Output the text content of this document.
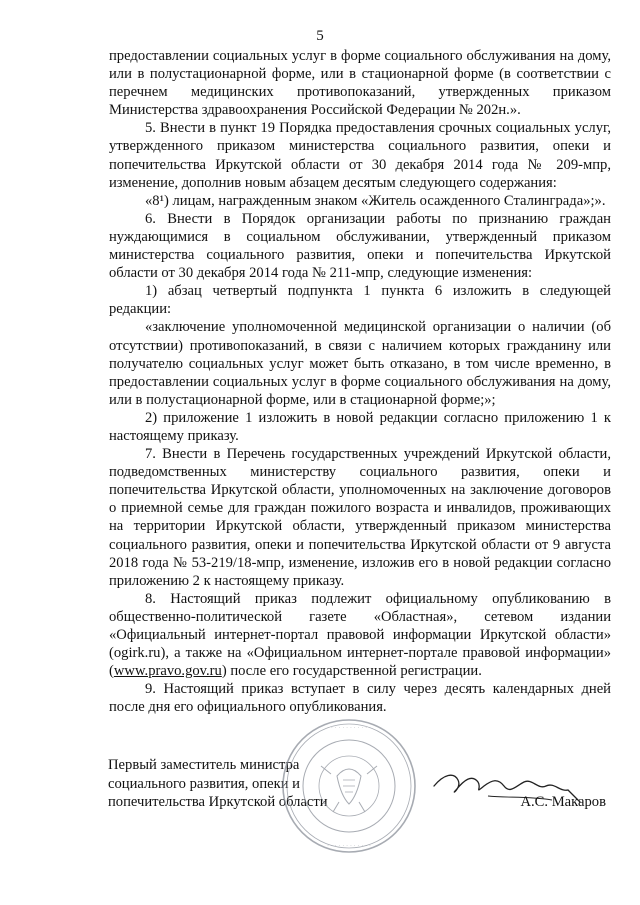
5

предоставлении социальных услуг в форме социального обслуживания на дому, или в полустационарной форме, или в стационарной форме (в соответствии с перечнем медицинских противопоказаний, утвержденных приказом Министерства здравоохранения Российской Федерации № 202н.».

5. Внести в пункт 19 Порядка предоставления срочных социальных услуг, утвержденного приказом министерства социального развития, опеки и попечительства Иркутской области от 30 декабря 2014 года № 209-мпр, изменение, дополнив новым абзацем десятым следующего содержания:

«8¹) лицам, награжденным знаком «Житель осажденного Сталинграда»;».

6. Внести в Порядок организации работы по признанию граждан нуждающимися в социальном обслуживании, утвержденный приказом министерства социального развития, опеки и попечительства Иркутской области от 30 декабря 2014 года № 211-мпр, следующие изменения:

1) абзац четвертый подпункта 1 пункта 6 изложить в следующей редакции:

«заключение уполномоченной медицинской организации о наличии (об отсутствии) противопоказаний, в связи с наличием которых гражданину или получателю социальных услуг может быть отказано, в том числе временно, в предоставлении социальных услуг в форме социального обслуживания на дому, или в полустационарной форме, или в стационарной форме;»;

2) приложение 1 изложить в новой редакции согласно приложению 1 к настоящему приказу.

7. Внести в Перечень государственных учреждений Иркутской области, подведомственных министерству социального развития, опеки и попечительства Иркутской области, уполномоченных на заключение договоров о приемной семье для граждан пожилого возраста и инвалидов, проживающих на территории Иркутской области, утвержденный приказом министерства социального развития, опеки и попечительства Иркутской области от 9 августа 2018 года № 53-219/18-мпр, изменение, изложив его в новой редакции согласно приложению 2 к настоящему приказу.

8. Настоящий приказ подлежит официальному опубликованию в общественно-политической газете «Областная», сетевом издании «Официальный интернет-портал правовой информации Иркутской области» (ogirk.ru), а также на «Официальном интернет-портале правовой информации» (www.pravo.gov.ru) после его государственной регистрации.

9. Настоящий приказ вступает в силу через десять календарных дней после дня его официального опубликования.

· · · · · · · · · · · ·
· · · · · · · · · · · ·
Первый заместитель министра
социального развития, опеки и
попечительства Иркутской области	А.С. Макаров
